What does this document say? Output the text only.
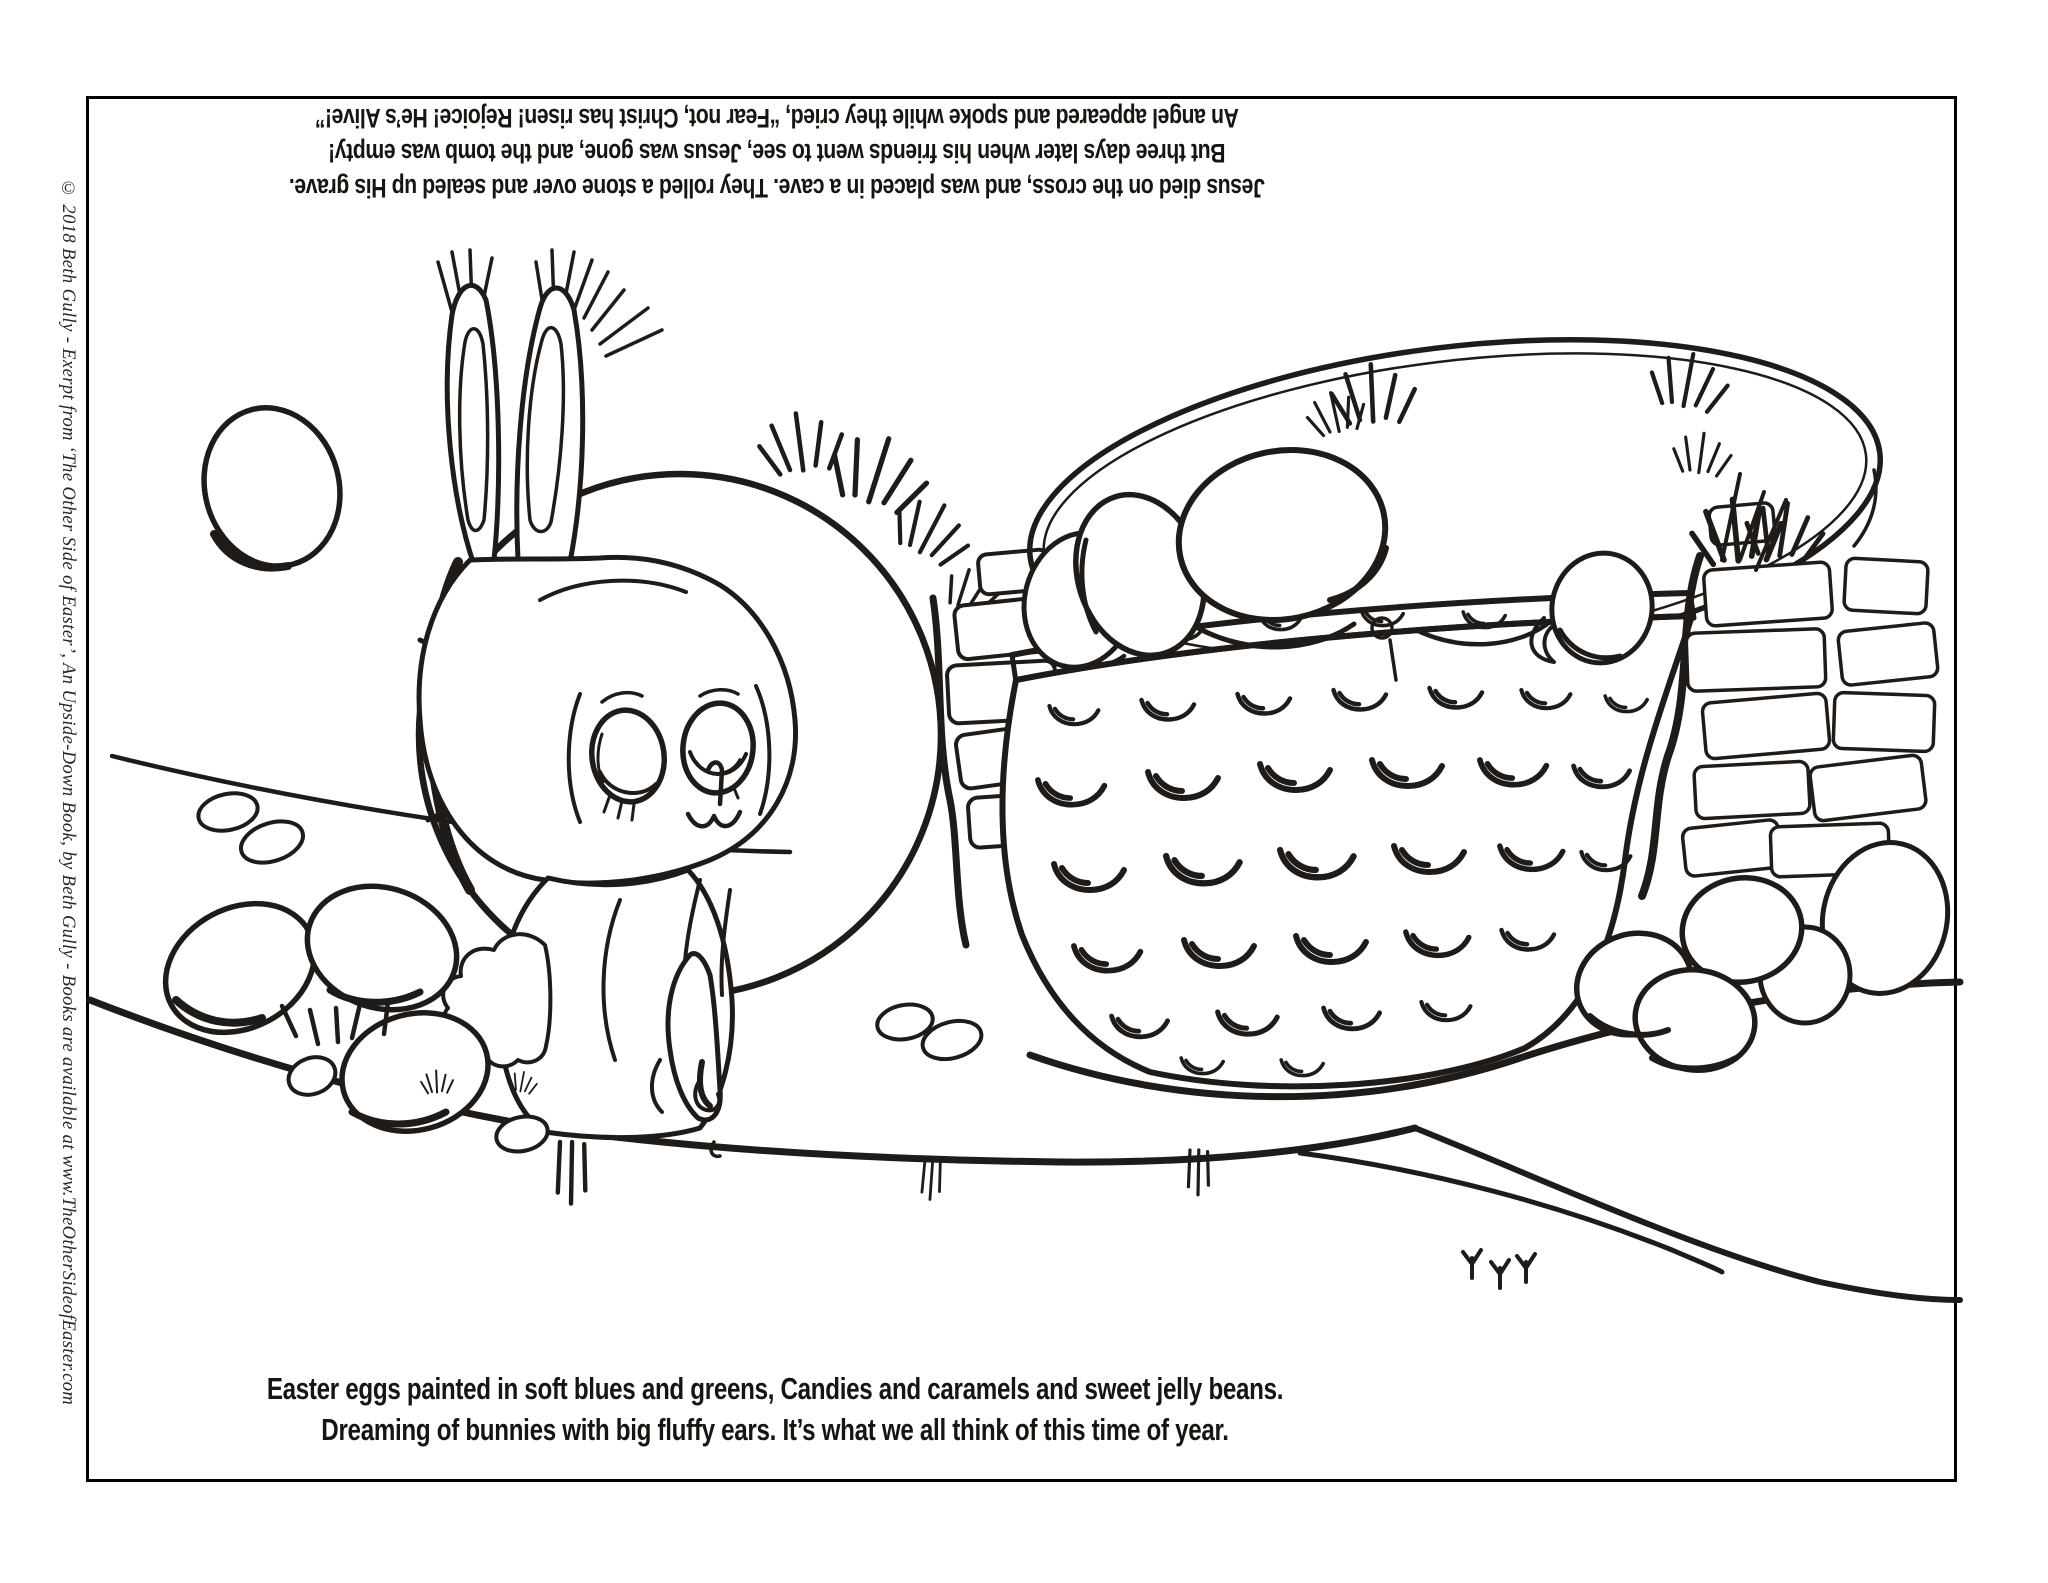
© 2018 Beth Gully - Exerpt from ‘The Other Side of Easter’, An Upside-Down Book, by Beth Gully - Books are available at www.TheOtherSideofEaster.com	Jesus died on the cross, and was placed in a cave. They rolled a stone over and sealed up His grave.
But three days later when his friends went to see, Jesus was gone, and the tomb was empty!
An angel appeared and spoke while they cried, “Fear not, Christ has risen! Rejoice! He’s Alive!”
Easter eggs painted in soft blues and greens, Candies and caramels and sweet jelly beans.
Dreaming of bunnies with big fluffy ears. It’s what we all think of this time of year.
